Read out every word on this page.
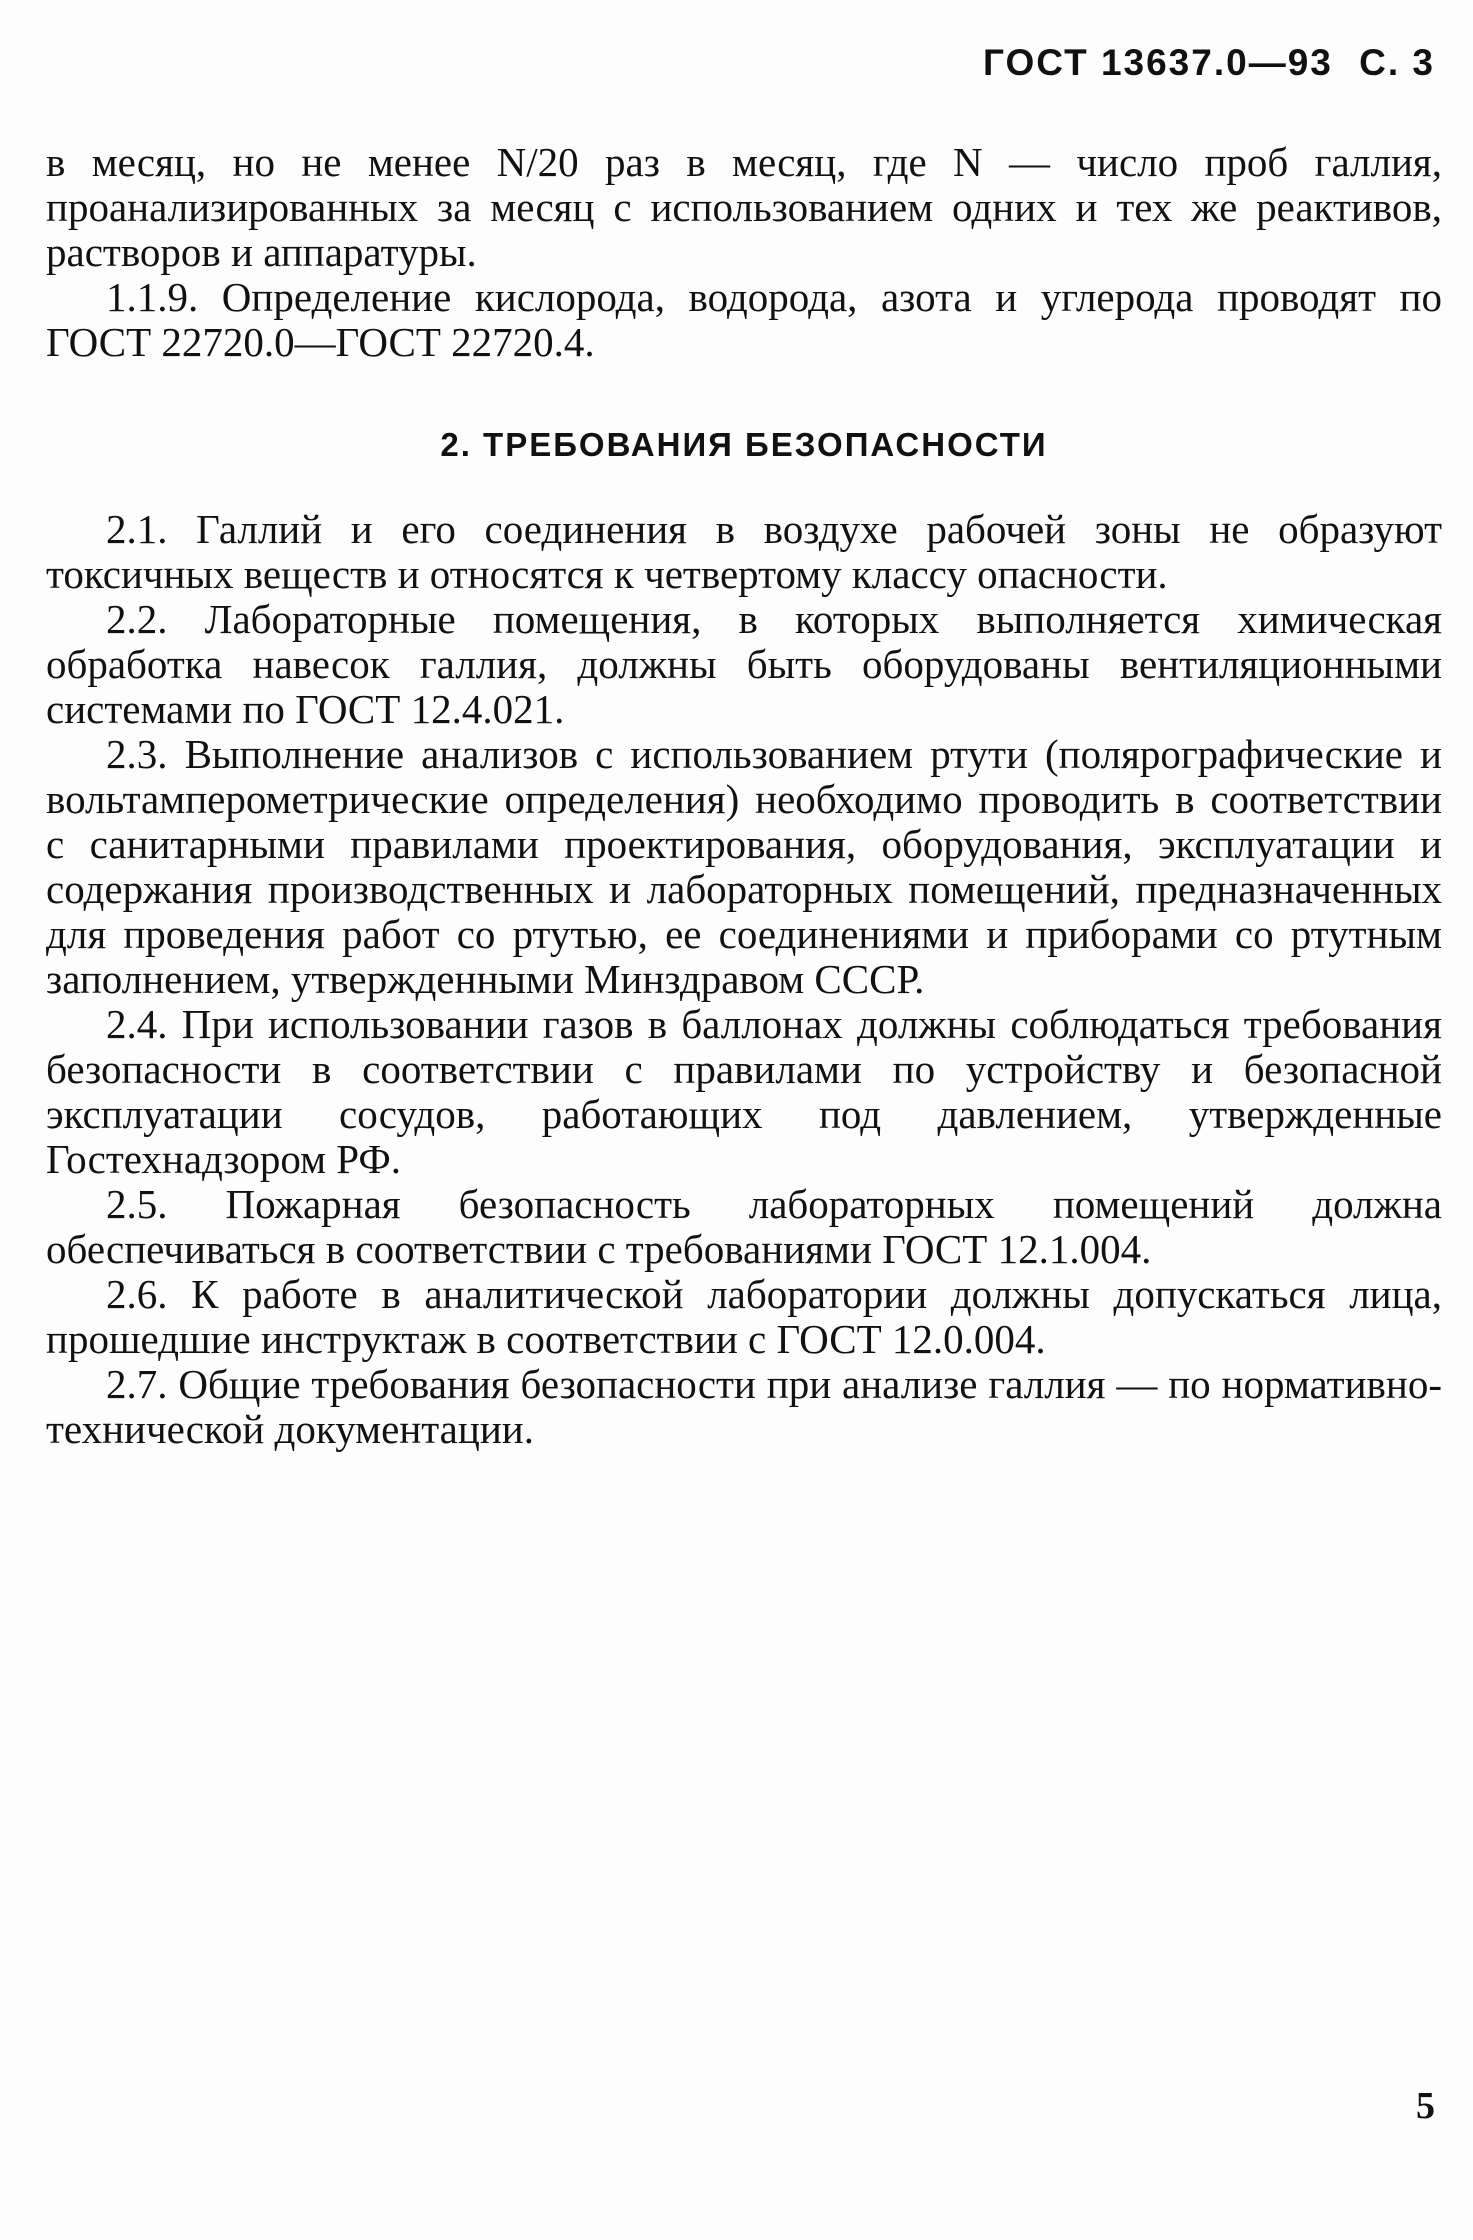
ГОСТ 13637.0—93 С. 3

в месяц, но не менее N/20 раз в месяц, где N — число проб галлия, проанализированных за месяц с использованием одних и тех же реактивов, растворов и аппаратуры.

1.1.9. Определение кислорода, водорода, азота и углерода проводят по ГОСТ 22720.0—ГОСТ 22720.4.

2. ТРЕБОВАНИЯ БЕЗОПАСНОСТИ

2.1. Галлий и его соединения в воздухе рабочей зоны не образуют токсичных веществ и относятся к четвертому классу опасности.

2.2. Лабораторные помещения, в которых выполняется химическая обработка навесок галлия, должны быть оборудованы вентиляционными системами по ГОСТ 12.4.021.

2.3. Выполнение анализов с использованием ртути (полярографические и вольтамперометрические определения) необходимо проводить в соответствии с санитарными правилами проектирования, оборудования, эксплуатации и содержания производственных и лабораторных помещений, предназначенных для проведения работ со ртутью, ее соединениями и приборами со ртутным заполнением, утвержденными Минздравом СССР.

2.4. При использовании газов в баллонах должны соблюдаться требования безопасности в соответствии с правилами по устройству и безопасной эксплуатации сосудов, работающих под давлением, утвержденные Гостехнадзором РФ.

2.5. Пожарная безопасность лабораторных помещений должна обеспечиваться в соответствии с требованиями ГОСТ 12.1.004.

2.6. К работе в аналитической лаборатории должны допускаться лица, прошедшие инструктаж в соответствии с ГОСТ 12.0.004.

2.7. Общие требования безопасности при анализе галлия — по нормативно-технической документации.

5
